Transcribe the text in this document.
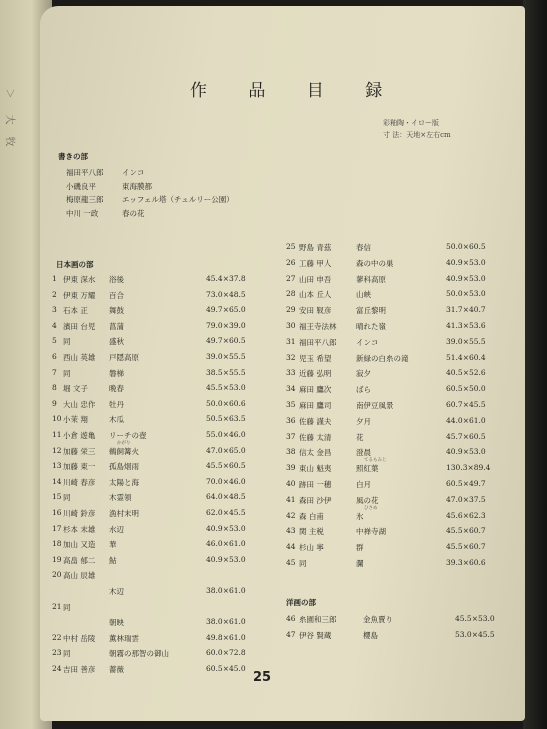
＞
大
牧
作 品 目 録
彩釉陶・イロー版
寸 法：天地×左右cm
書きの部
福田平八郎 インコ
小磯良平	東海膜都
梅原龍三郎 エッフェル塔（チュルリー公園）
中川 一政	春の花
日本画の部
1 伊東 深水 浴後	45.4×37.8
2 伊東 万耀 百合	73.0×48.5
3 石本 正	舞鼓	49.7×65.0
4 濱田 台児 菖蒲	79.0×39.0
5 同	盛秋	49.7×60.5
6 西山 英雄 戸隠高原	39.0×55.5
7 同	磐梯	38.5×55.5
8 堀 文子	晩春	45.5×53.0
9 大山 忠作 牡丹	50.0×60.6
10 小茉 翔	木瓜	50.5×63.5
11 小倉 遊亀 リーチの壺	55.0×46.0
12 加藤 栄三 鵜飼篝火	47.0×65.0
かがり
13 加藤 東一 孤島烟雨	45.5×60.5
14 川崎 春彦 太陽と海	70.0×46.0
15 同	木霊領	64.0×48.5
16 川崎 鈴彦 漁村末明	62.0×45.5
17 杉本 末雄 水辺	40.9×53.0
18 加山 又造 華	46.0×61.0
19 高畠 郁二 鮎	40.9×53.0
20 高山 辰雄
木辺	38.0×61.0
21 同
朝映	38.0×61.0
22 中村 岳陵 薫林瑞雲	49.8×61.0
23 同	朝霧の那智の御山	60.0×72.8
24 吉田 善彦 薔薇	60.5×45.0
25 野島 青茲	春信	50.0×60.5
26 工藤 甲人	森の中の巣	40.9×53.0
27 山田 申吾	蓼科高原	40.9×53.0
28 山本 丘人	山峡	50.0×53.0
29 安田 靫彦	富丘黎明	31.7×40.7
30 福王寺法林	晴れた嶺	41.3×53.6
31 福田平八郎	インコ	39.0×55.5
32 児玉 希望	新緑の白糸の滝	51.4×60.4
33 近藤 弘明	寂夕	40.5×52.6
34 麻田 鷹次	ばら	60.5×50.0
35 麻田 鷹司	南伊豆風景	60.7×45.5
36 佐藤 謹夫	夕月	44.0×61.0
37 佐藤 太清	花	45.7×60.5
38 信太 金昌	澄晨	40.9×53.0
39 東山 魁夷	照紅葉	130.3×89.4
てるもみじ
40 跡田 一穂	白月	60.5×49.7
41 森田 沙伊	風の花	47.0×37.5
42 森 白甫	氷	45.6×62.3
ひさめ
43 関 主税	中禅寺湖	45.5×60.7
44 杉山 寧	群	45.5×60.7
45 同	瀾	39.3×60.6
洋画の部
46 糸園和三郎	金魚賣り	45.5×53.0
47 伊谷 賢蔵	櫻島	53.0×45.5
25
